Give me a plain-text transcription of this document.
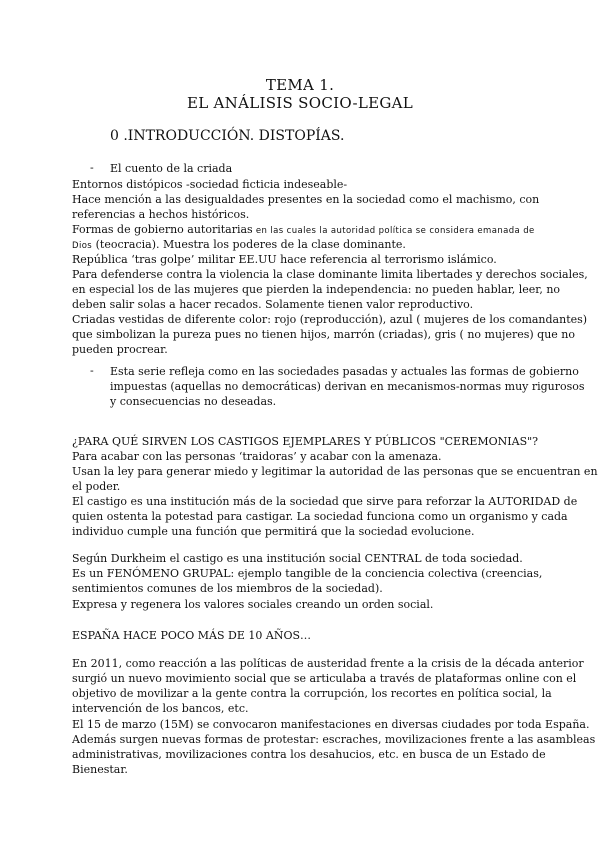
TEMA 1.
EL ANÁLISIS SOCIO-LEGAL
0 .INTRODUCCIÓN. DISTOPÍAS.
- El cuento de la criada
Entornos distópicos -sociedad ficticia indeseable-
Hace mención a las desigualdades presentes en la sociedad como el machismo, con
referencias a hechos históricos.
Formas de gobierno autoritarias en las cuales la autoridad política se considera emanada de
Dios (teocracia). Muestra los poderes de la clase dominante.
República ‘tras golpe’ militar EE.UU hace referencia al terrorismo islámico.
Para defenderse contra la violencia la clase dominante limita libertades y derechos sociales,
en especial los de las mujeres que pierden la independencia: no pueden hablar, leer, no
deben salir solas a hacer recados. Solamente tienen valor reproductivo.
Criadas vestidas de diferente color: rojo (reproducción), azul ( mujeres de los comandantes)
que simbolizan la pureza pues no tienen hijos, marrón (criadas), gris ( no mujeres) que no
pueden procrear.
- Esta serie refleja como en las sociedades pasadas y actuales las formas de gobierno
impuestas (aquellas no democráticas) derivan en mecanismos-normas muy rigurosos
y consecuencias no deseadas.
¿PARA QUÉ SIRVEN LOS CASTIGOS EJEMPLARES Y PÚBLICOS "CEREMONIAS"?
Para acabar con las personas ‘traidoras’ y acabar con la amenaza.
Usan la ley para generar miedo y legitimar la autoridad de las personas que se encuentran en
el poder.
El castigo es una institución más de la sociedad que sirve para reforzar la AUTORIDAD de
quien ostenta la potestad para castigar. La sociedad funciona como un organismo y cada
individuo cumple una función que permitirá que la sociedad evolucione.
Según Durkheim el castigo es una institución social CENTRAL de toda sociedad.
Es un FENÓMENO GRUPAL: ejemplo tangible de la conciencia colectiva (creencias,
sentimientos comunes de los miembros de la sociedad).
Expresa y regenera los valores sociales creando un orden social.
ESPAÑA HACE POCO MÁS DE 10 AÑOS…
En 2011, como reacción a las políticas de austeridad frente a la crisis de la década anterior
surgió un nuevo movimiento social que se articulaba a través de plataformas online con el
objetivo de movilizar a la gente contra la corrupción, los recortes en política social, la
intervención de los bancos, etc.
El 15 de marzo (15M) se convocaron manifestaciones en diversas ciudades por toda España.
Además surgen nuevas formas de protestar: escraches, movilizaciones frente a las asambleas
administrativas, movilizaciones contra los desahucios, etc. en busca de un Estado de
Bienestar.
